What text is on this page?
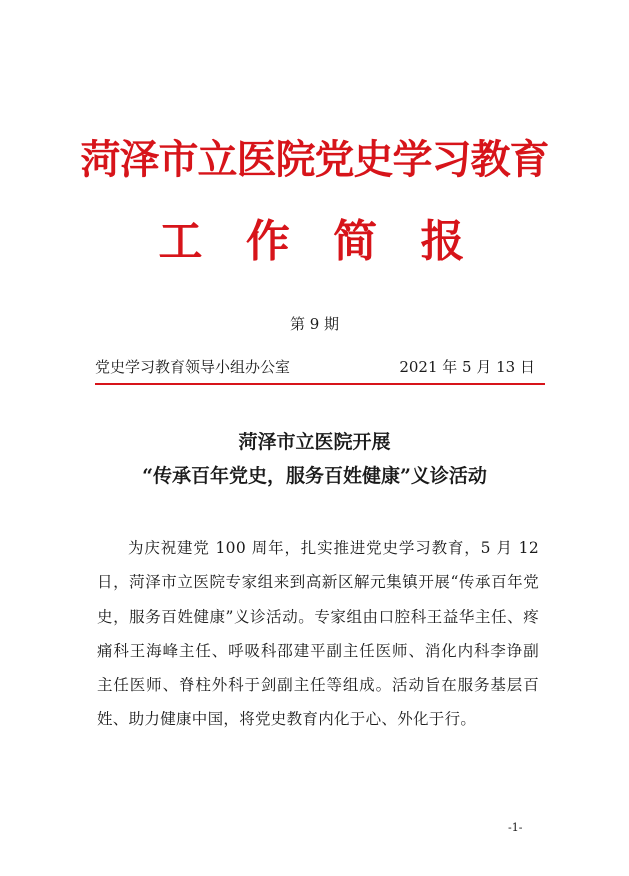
菏泽市立医院党史学习教育
工 作 简 报
第 9 期
党史学习教育领导小组办公室	2021 年 5 月 13 日
菏泽市立医院开展
“传承百年党史，服务百姓健康”义诊活动
为庆祝建党 100 周年，扎实推进党史学习教育，5 月 12 日，菏泽市立医院专家组来到高新区解元集镇开展“传承百年党史，服务百姓健康”义诊活动。专家组由口腔科王益华主任、疼痛科王海峰主任、呼吸科邵建平副主任医师、消化内科李诤副主任医师、脊柱外科于剑副主任等组成。活动旨在服务基层百姓、助力健康中国，将党史教育内化于心、外化于行。
-1-
